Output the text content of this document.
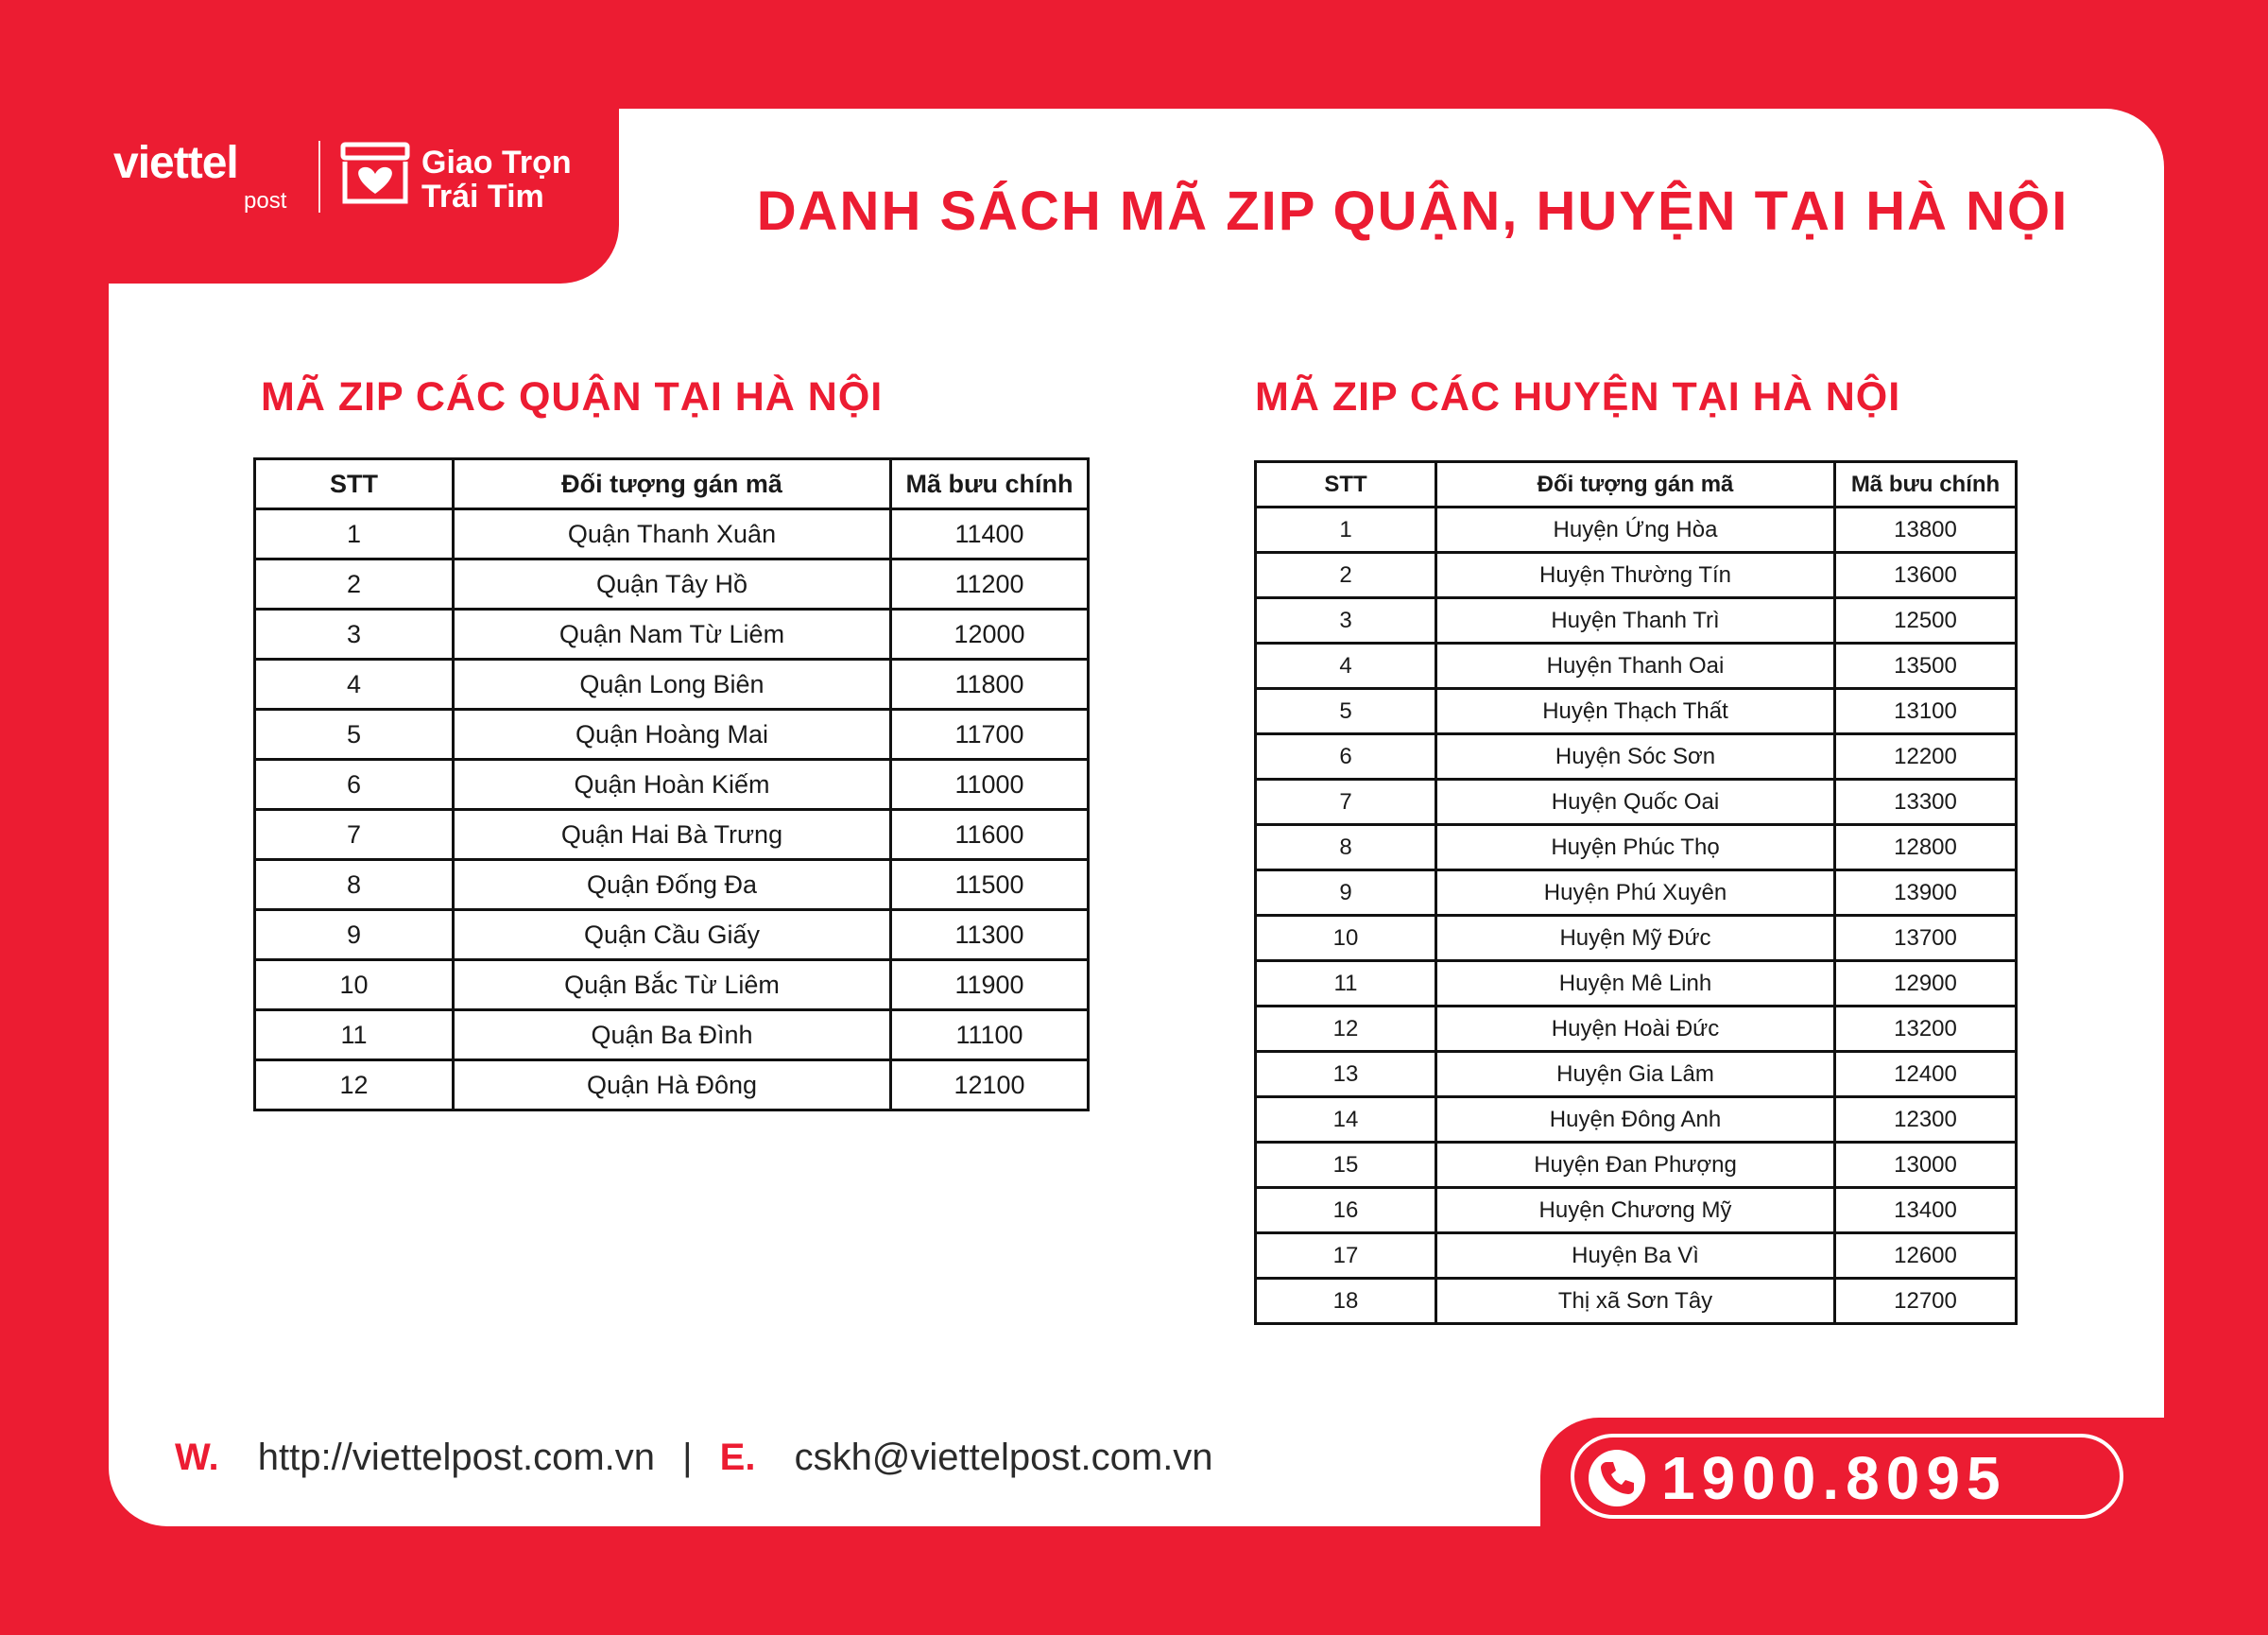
viettel
post
Giao Trọn
Trái Tim	DANH SÁCH MÃ ZIP QUẬN, HUYỆN TẠI HÀ NỘI
MÃ ZIP CÁC QUẬN TẠI HÀ NỘI	MÃ ZIP CÁC HUYỆN TẠI HÀ NỘI
STT	Đối tượng gán mã	Mã bưu chính
1	Quận Thanh Xuân	11400
2	Quận Tây Hồ	11200
3	Quận Nam Từ Liêm	12000
4	Quận Long Biên	11800
5	Quận Hoàng Mai	11700
6	Quận Hoàn Kiếm	11000
7	Quận Hai Bà Trưng	11600
8	Quận Đống Đa	11500
9	Quận Cầu Giấy	11300
10	Quận Bắc Từ Liêm	11900
11	Quận Ba Đình	11100
12	Quận Hà Đông	12100
STT	Đối tượng gán mã	Mã bưu chính
1	Huyện Ứng Hòa	13800
2	Huyện Thường Tín	13600
3	Huyện Thanh Trì	12500
4	Huyện Thanh Oai	13500
5	Huyện Thạch Thất	13100
6	Huyện Sóc Sơn	12200
7	Huyện Quốc Oai	13300
8	Huyện Phúc Thọ	12800
9	Huyện Phú Xuyên	13900
10	Huyện Mỹ Đức	13700
11	Huyện Mê Linh	12900
12	Huyện Hoài Đức	13200
13	Huyện Gia Lâm	12400
14	Huyện Đông Anh	12300
15	Huyện Đan Phượng	13000
16	Huyện Chương Mỹ	13400
17	Huyện Ba Vì	12600
18	Thị xã Sơn Tây	12700
W. http://viettelpost.com.vn | E. cskh@viettelpost.com.vn	1900.8095
